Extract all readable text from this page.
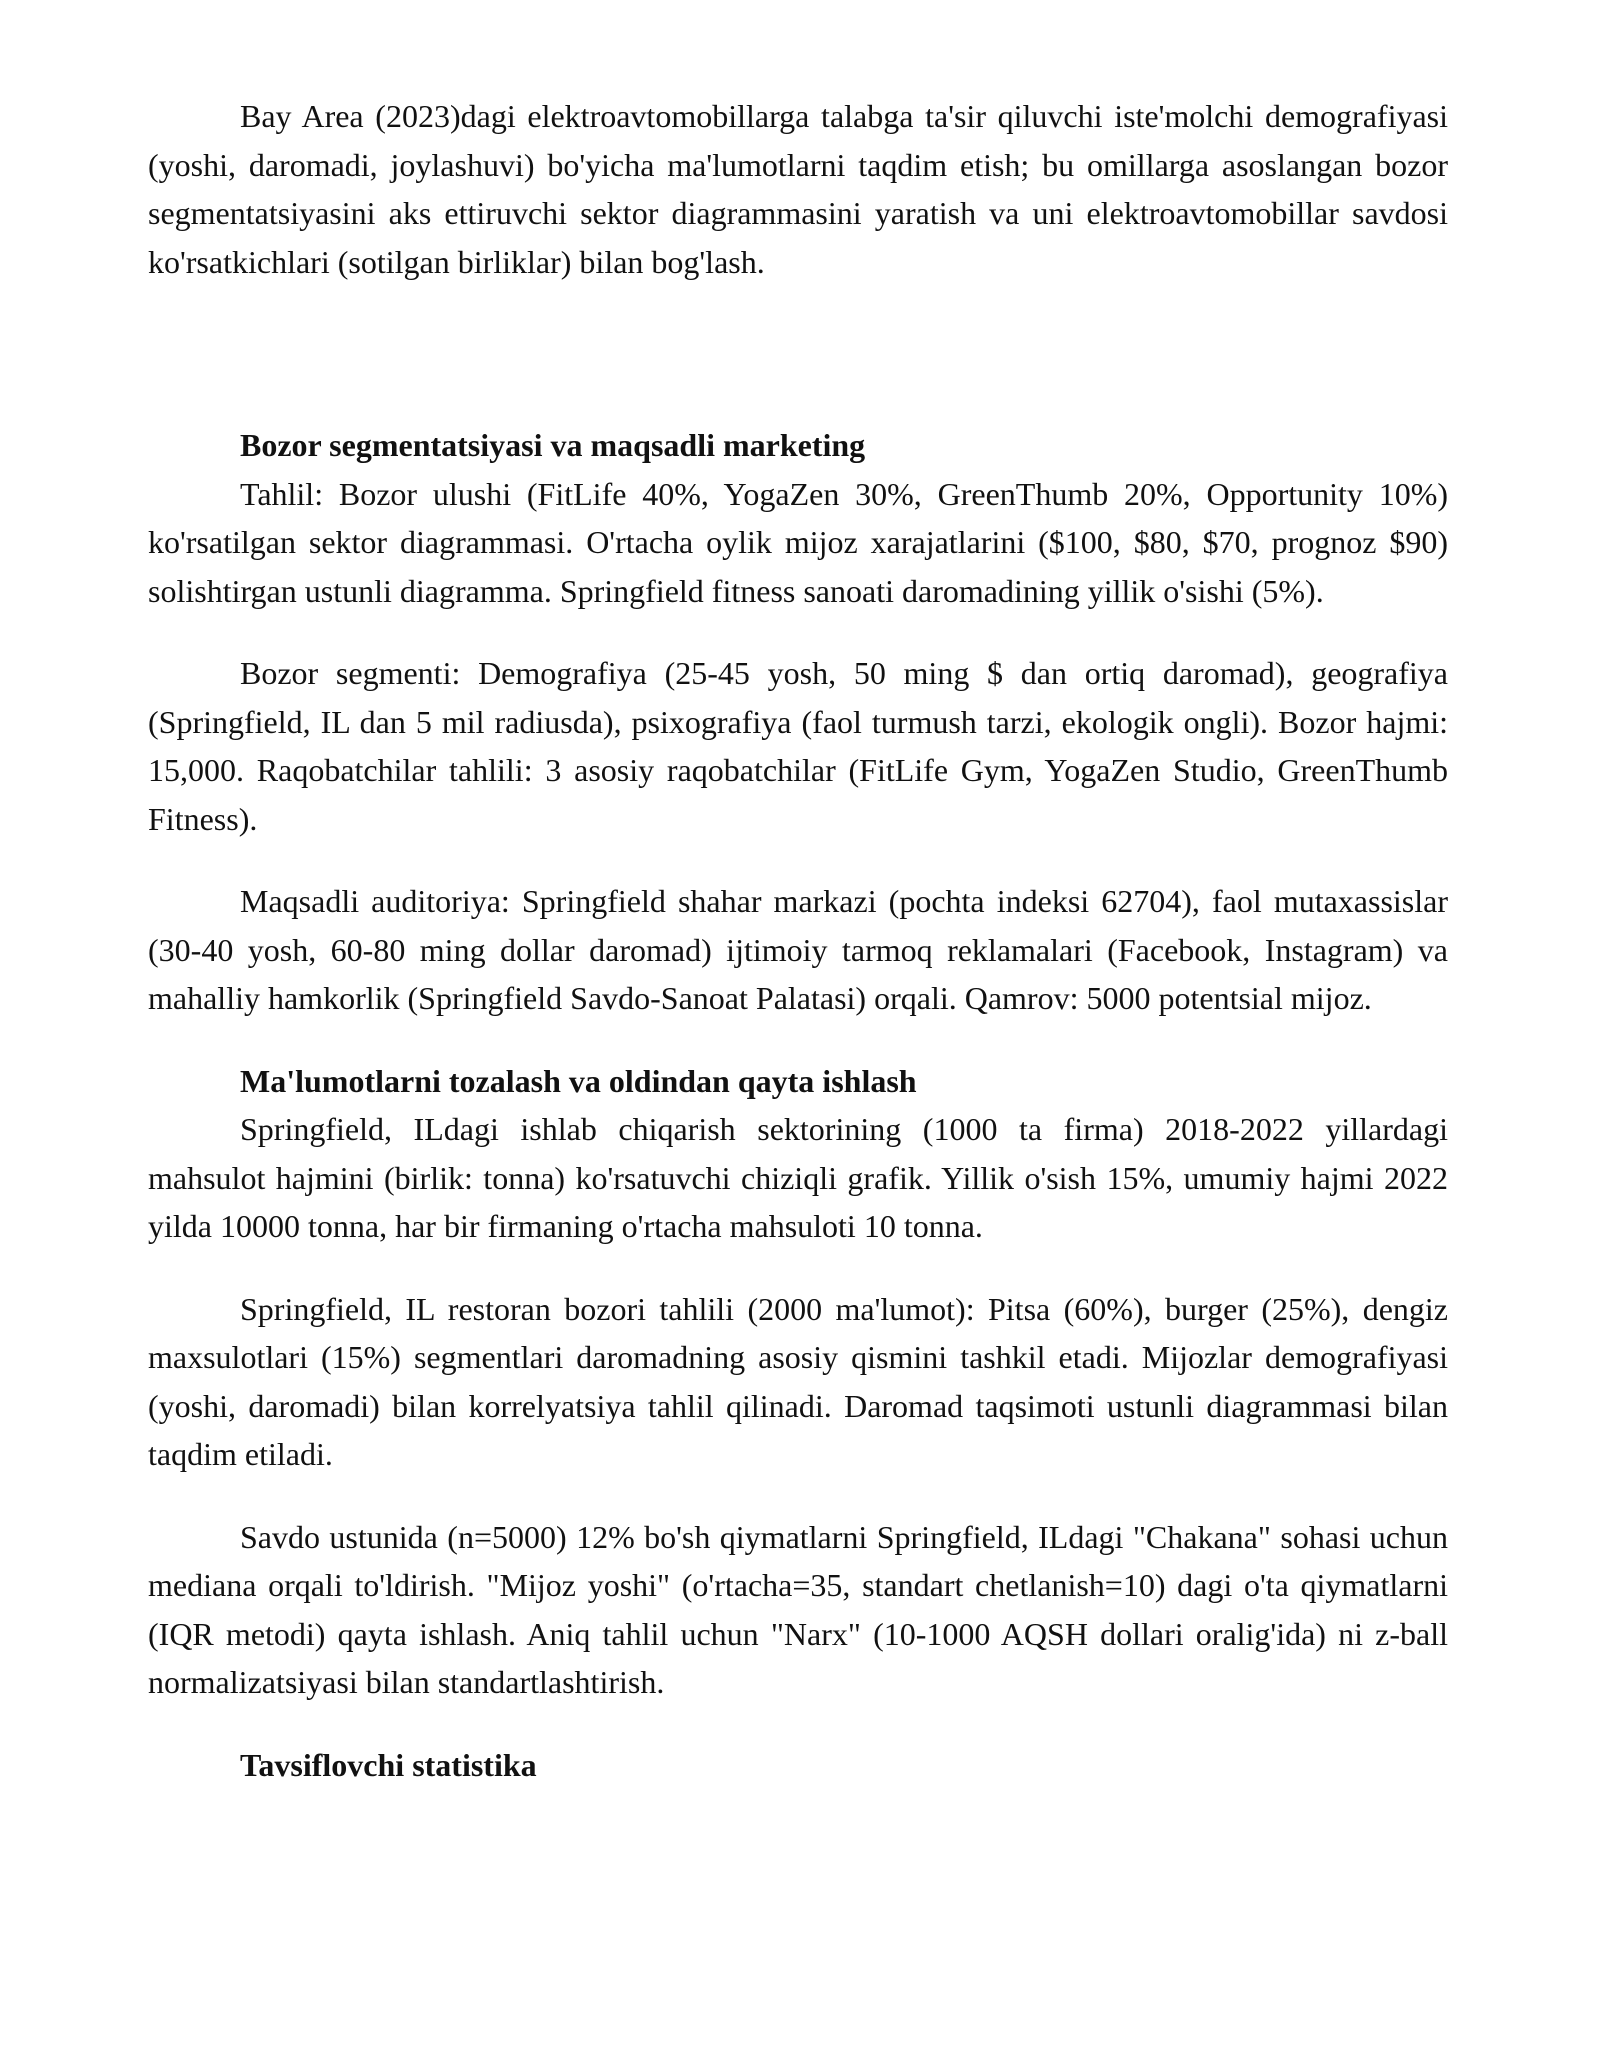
Bay Area (2023)dagi elektroavtomobillarga talabga ta'sir qiluvchi iste'molchi demografiyasi (yoshi, daromadi, joylashuvi) bo'yicha ma'lumotlarni taqdim etish; bu omillarga asoslangan bozor segmentatsiyasini aks ettiruvchi sektor diagrammasini yaratish va uni elektroavtomobillar savdosi ko'rsatkichlari (sotilgan birliklar) bilan bog'lash.

Bozor segmentatsiyasi va maqsadli marketing

Tahlil: Bozor ulushi (FitLife 40%, YogaZen 30%, GreenThumb 20%, Opportunity 10%) ko'rsatilgan sektor diagrammasi. O'rtacha oylik mijoz xarajatlarini ($100, $80, $70, prognoz $90) solishtirgan ustunli diagramma. Springfield fitness sanoati daromadining yillik o'sishi (5%).

Bozor segmenti: Demografiya (25-45 yosh, 50 ming $ dan ortiq daromad), geografiya (Springfield, IL dan 5 mil radiusda), psixografiya (faol turmush tarzi, ekologik ongli). Bozor hajmi: 15,000. Raqobatchilar tahlili: 3 asosiy raqobatchilar (FitLife Gym, YogaZen Studio, GreenThumb Fitness).

Maqsadli auditoriya: Springfield shahar markazi (pochta indeksi 62704), faol mutaxassislar (30-40 yosh, 60-80 ming dollar daromad) ijtimoiy tarmoq reklamalari (Facebook, Instagram) va mahalliy hamkorlik (Springfield Savdo-Sanoat Palatasi) orqali. Qamrov: 5000 potentsial mijoz.

Ma'lumotlarni tozalash va oldindan qayta ishlash

Springfield, ILdagi ishlab chiqarish sektorining (1000 ta firma) 2018-2022 yillardagi mahsulot hajmini (birlik: tonna) ko'rsatuvchi chiziqli grafik. Yillik o'sish 15%, umumiy hajmi 2022 yilda 10000 tonna, har bir firmaning o'rtacha mahsuloti 10 tonna.

Springfield, IL restoran bozori tahlili (2000 ma'lumot): Pitsa (60%), burger (25%), dengiz maxsulotlari (15%) segmentlari daromadning asosiy qismini tashkil etadi. Mijozlar demografiyasi (yoshi, daromadi) bilan korrelyatsiya tahlil qilinadi. Daromad taqsimoti ustunli diagrammasi bilan taqdim etiladi.

Savdo ustunida (n=5000) 12% bo'sh qiymatlarni Springfield, ILdagi "Chakana" sohasi uchun mediana orqali to'ldirish. "Mijoz yoshi" (o'rtacha=35, standart chetlanish=10) dagi o'ta qiymatlarni (IQR metodi) qayta ishlash. Aniq tahlil uchun "Narx" (10-1000 AQSH dollari oralig'ida) ni z-ball normalizatsiyasi bilan standartlashtirish.

Tavsiflovchi statistika
